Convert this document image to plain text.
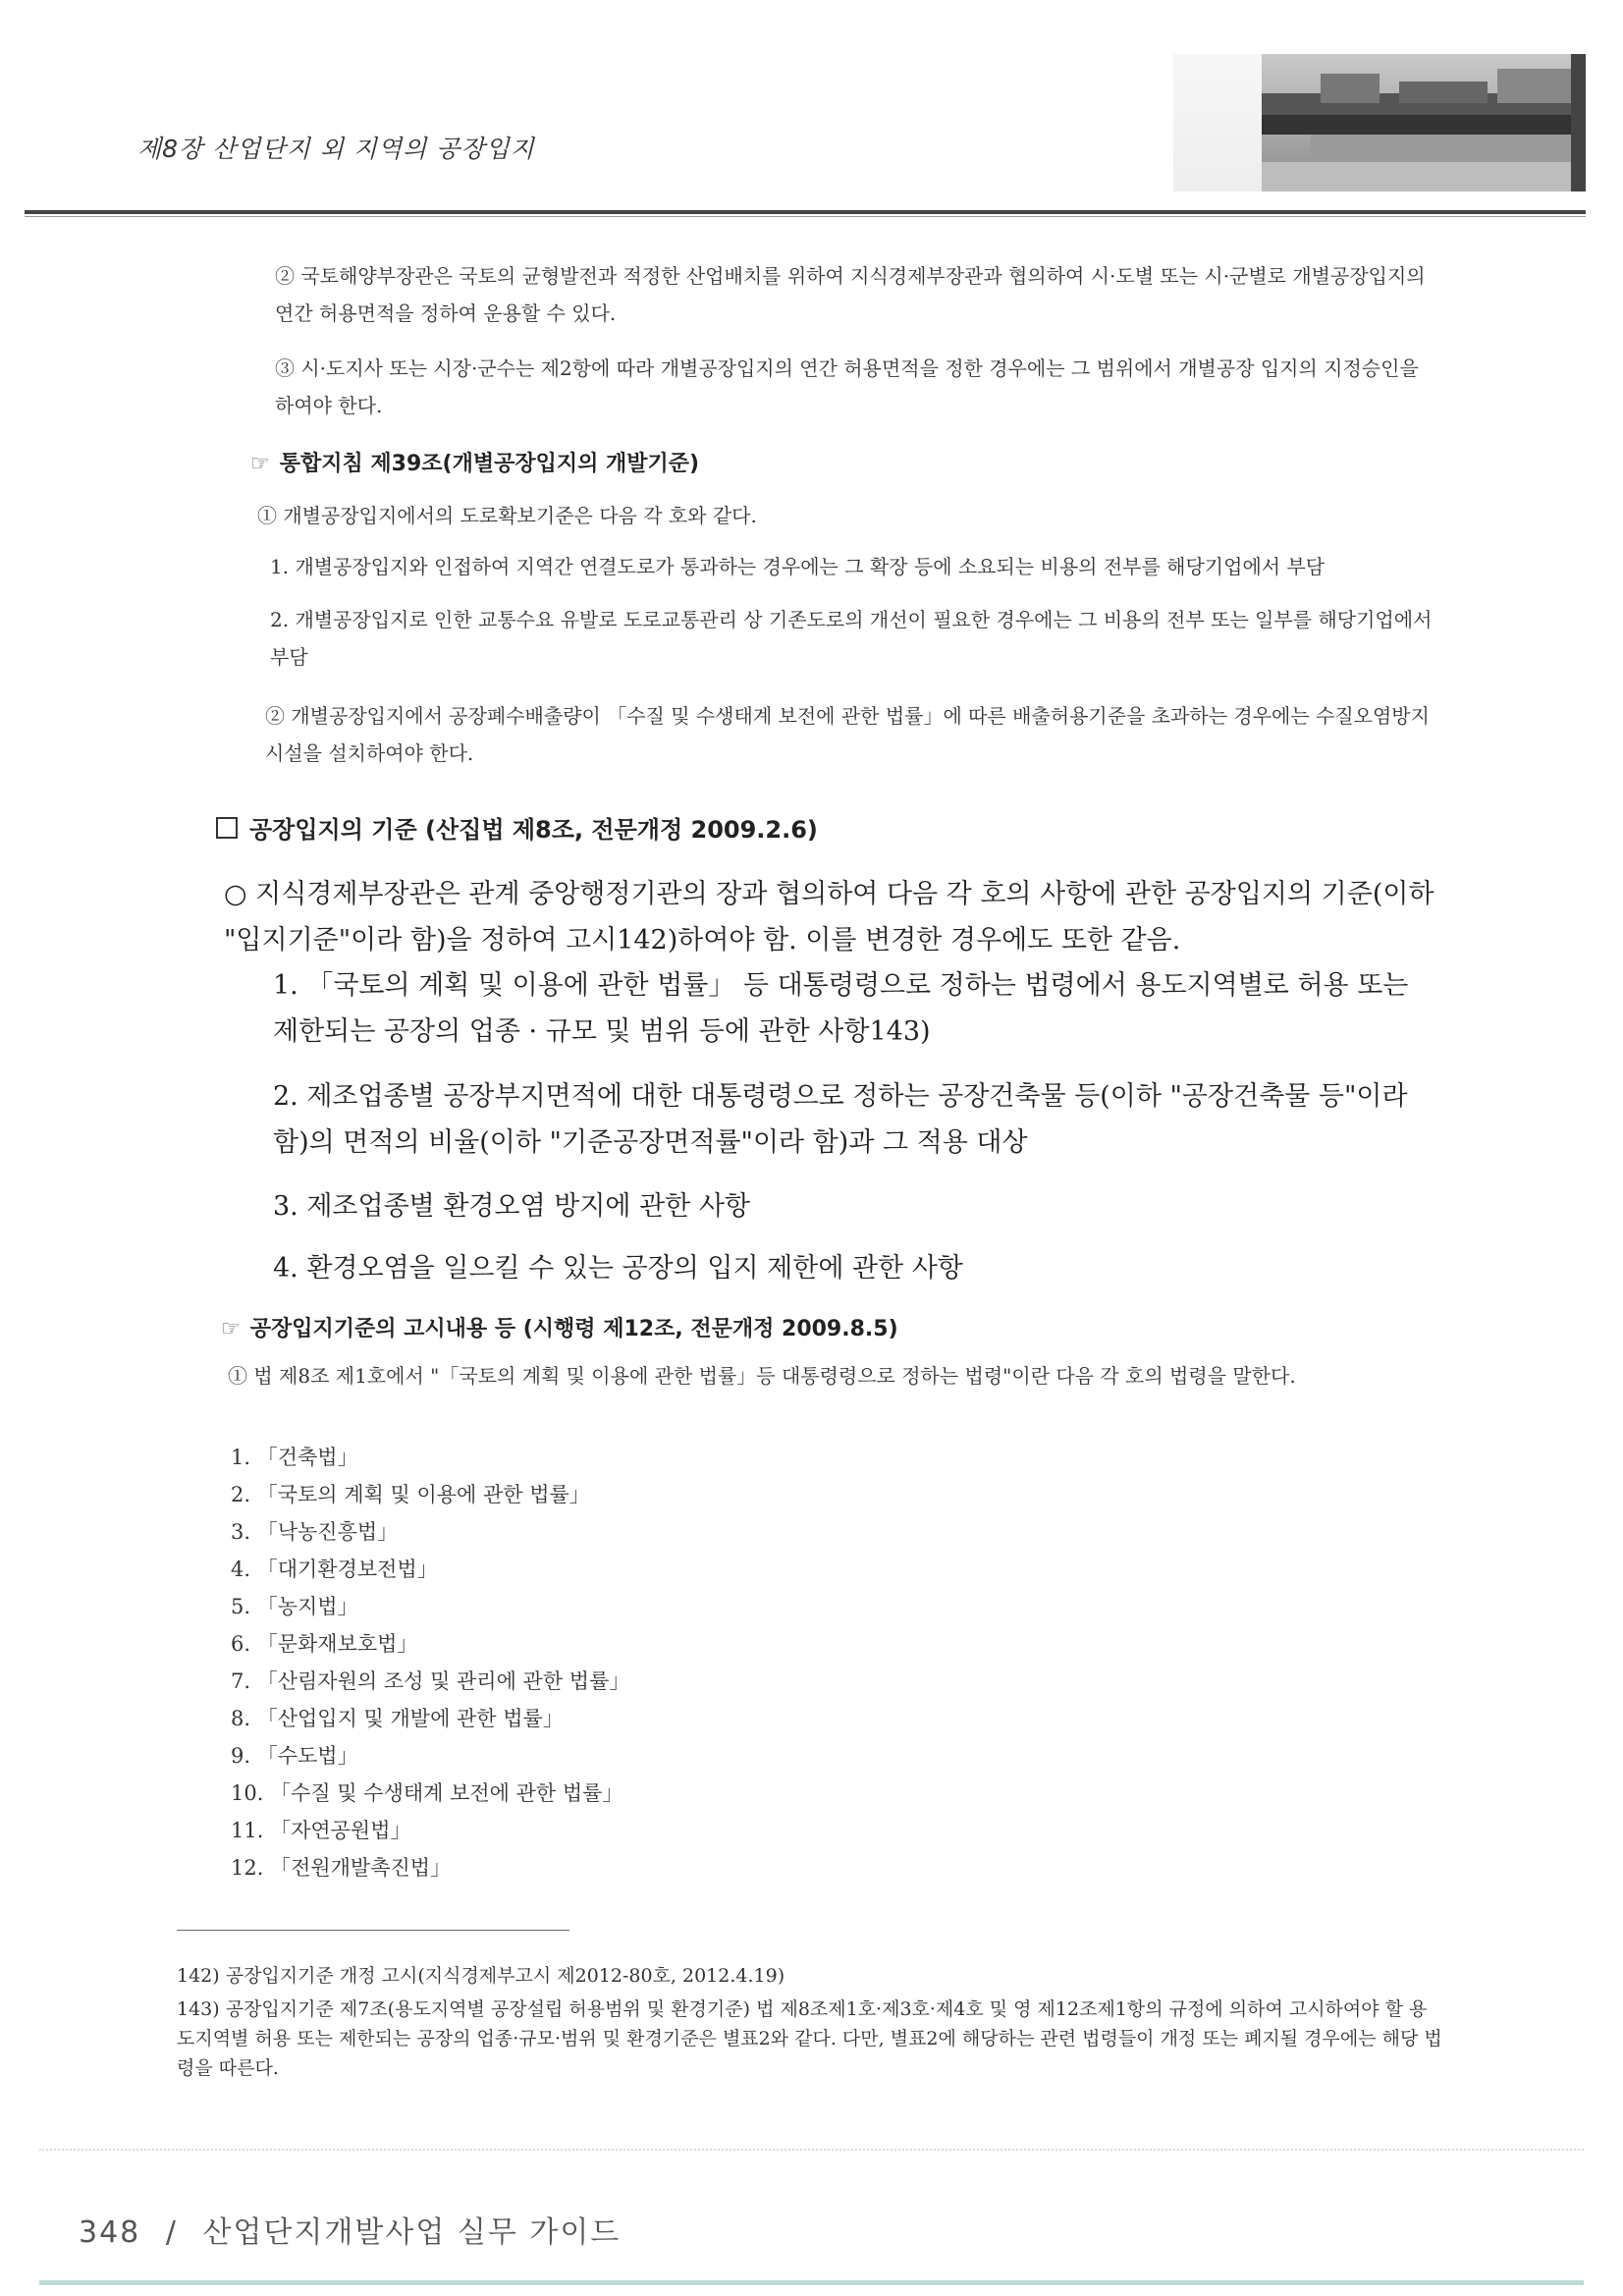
제8장 산업단지 외 지역의 공장입지

② 국토해양부장관은 국토의 균형발전과 적정한 산업배치를 위하여 지식경제부장관과 협의하여 시·도별 또는 시·군별로 개별공장입지의 연간 허용면적을 정하여 운용할 수 있다.

③ 시·도지사 또는 시장·군수는 제2항에 따라 개별공장입지의 연간 허용면적을 정한 경우에는 그 범위에서 개별공장 입지의 지정승인을 하여야 한다.

☞ 통합지침 제39조(개별공장입지의 개발기준)

① 개별공장입지에서의 도로확보기준은 다음 각 호와 같다.

1. 개별공장입지와 인접하여 지역간 연결도로가 통과하는 경우에는 그 확장 등에 소요되는 비용의 전부를 해당기업에서 부담

2. 개별공장입지로 인한 교통수요 유발로 도로교통관리 상 기존도로의 개선이 필요한 경우에는 그 비용의 전부 또는 일부를 해당기업에서 부담

② 개별공장입지에서 공장폐수배출량이 「수질 및 수생태계 보전에 관한 법률」에 따른 배출허용기준을 초과하는 경우에는 수질오염방지시설을 설치하여야 한다.

공장입지의 기준 (산집법 제8조, 전문개정 2009.2.6)

○ 지식경제부장관은 관계 중앙행정기관의 장과 협의하여 다음 각 호의 사항에 관한 공장입지의 기준(이하 "입지기준"이라 함)을 정하여 고시142)하여야 함. 이를 변경한 경우에도 또한 같음.

1. 「국토의 계획 및 이용에 관한 법률」 등 대통령령으로 정하는 법령에서 용도지역별로 허용 또는 제한되는 공장의 업종 · 규모 및 범위 등에 관한 사항143)

2. 제조업종별 공장부지면적에 대한 대통령령으로 정하는 공장건축물 등(이하 "공장건축물 등"이라 함)의 면적의 비율(이하 "기준공장면적률"이라 함)과 그 적용 대상

3. 제조업종별 환경오염 방지에 관한 사항

4. 환경오염을 일으킬 수 있는 공장의 입지 제한에 관한 사항

☞ 공장입지기준의 고시내용 등 (시행령 제12조, 전문개정 2009.8.5)

① 법 제8조 제1호에서 "「국토의 계획 및 이용에 관한 법률」등 대통령령으로 정하는 법령"이란 다음 각 호의 법령을 말한다.

1. 「건축법」
2. 「국토의 계획 및 이용에 관한 법률」
3. 「낙농진흥법」
4. 「대기환경보전법」
5. 「농지법」
6. 「문화재보호법」
7. 「산림자원의 조성 및 관리에 관한 법률」
8. 「산업입지 및 개발에 관한 법률」
9. 「수도법」
10. 「수질 및 수생태계 보전에 관한 법률」
11. 「자연공원법」
12. 「전원개발촉진법」

142) 공장입지기준 개정 고시(지식경제부고시 제2012-80호, 2012.4.19)

143) 공장입지기준 제7조(용도지역별 공장설립 허용범위 및 환경기준) 법 제8조제1호·제3호·제4호 및 영 제12조제1항의 규정에 의하여 고시하여야 할 용도지역별 허용 또는 제한되는 공장의 업종·규모·범위 및 환경기준은 별표2와 같다. 다만, 별표2에 해당하는 관련 법령들이 개정 또는 폐지될 경우에는 해당 법령을 따른다.

348 / 산업단지개발사업 실무 가이드
